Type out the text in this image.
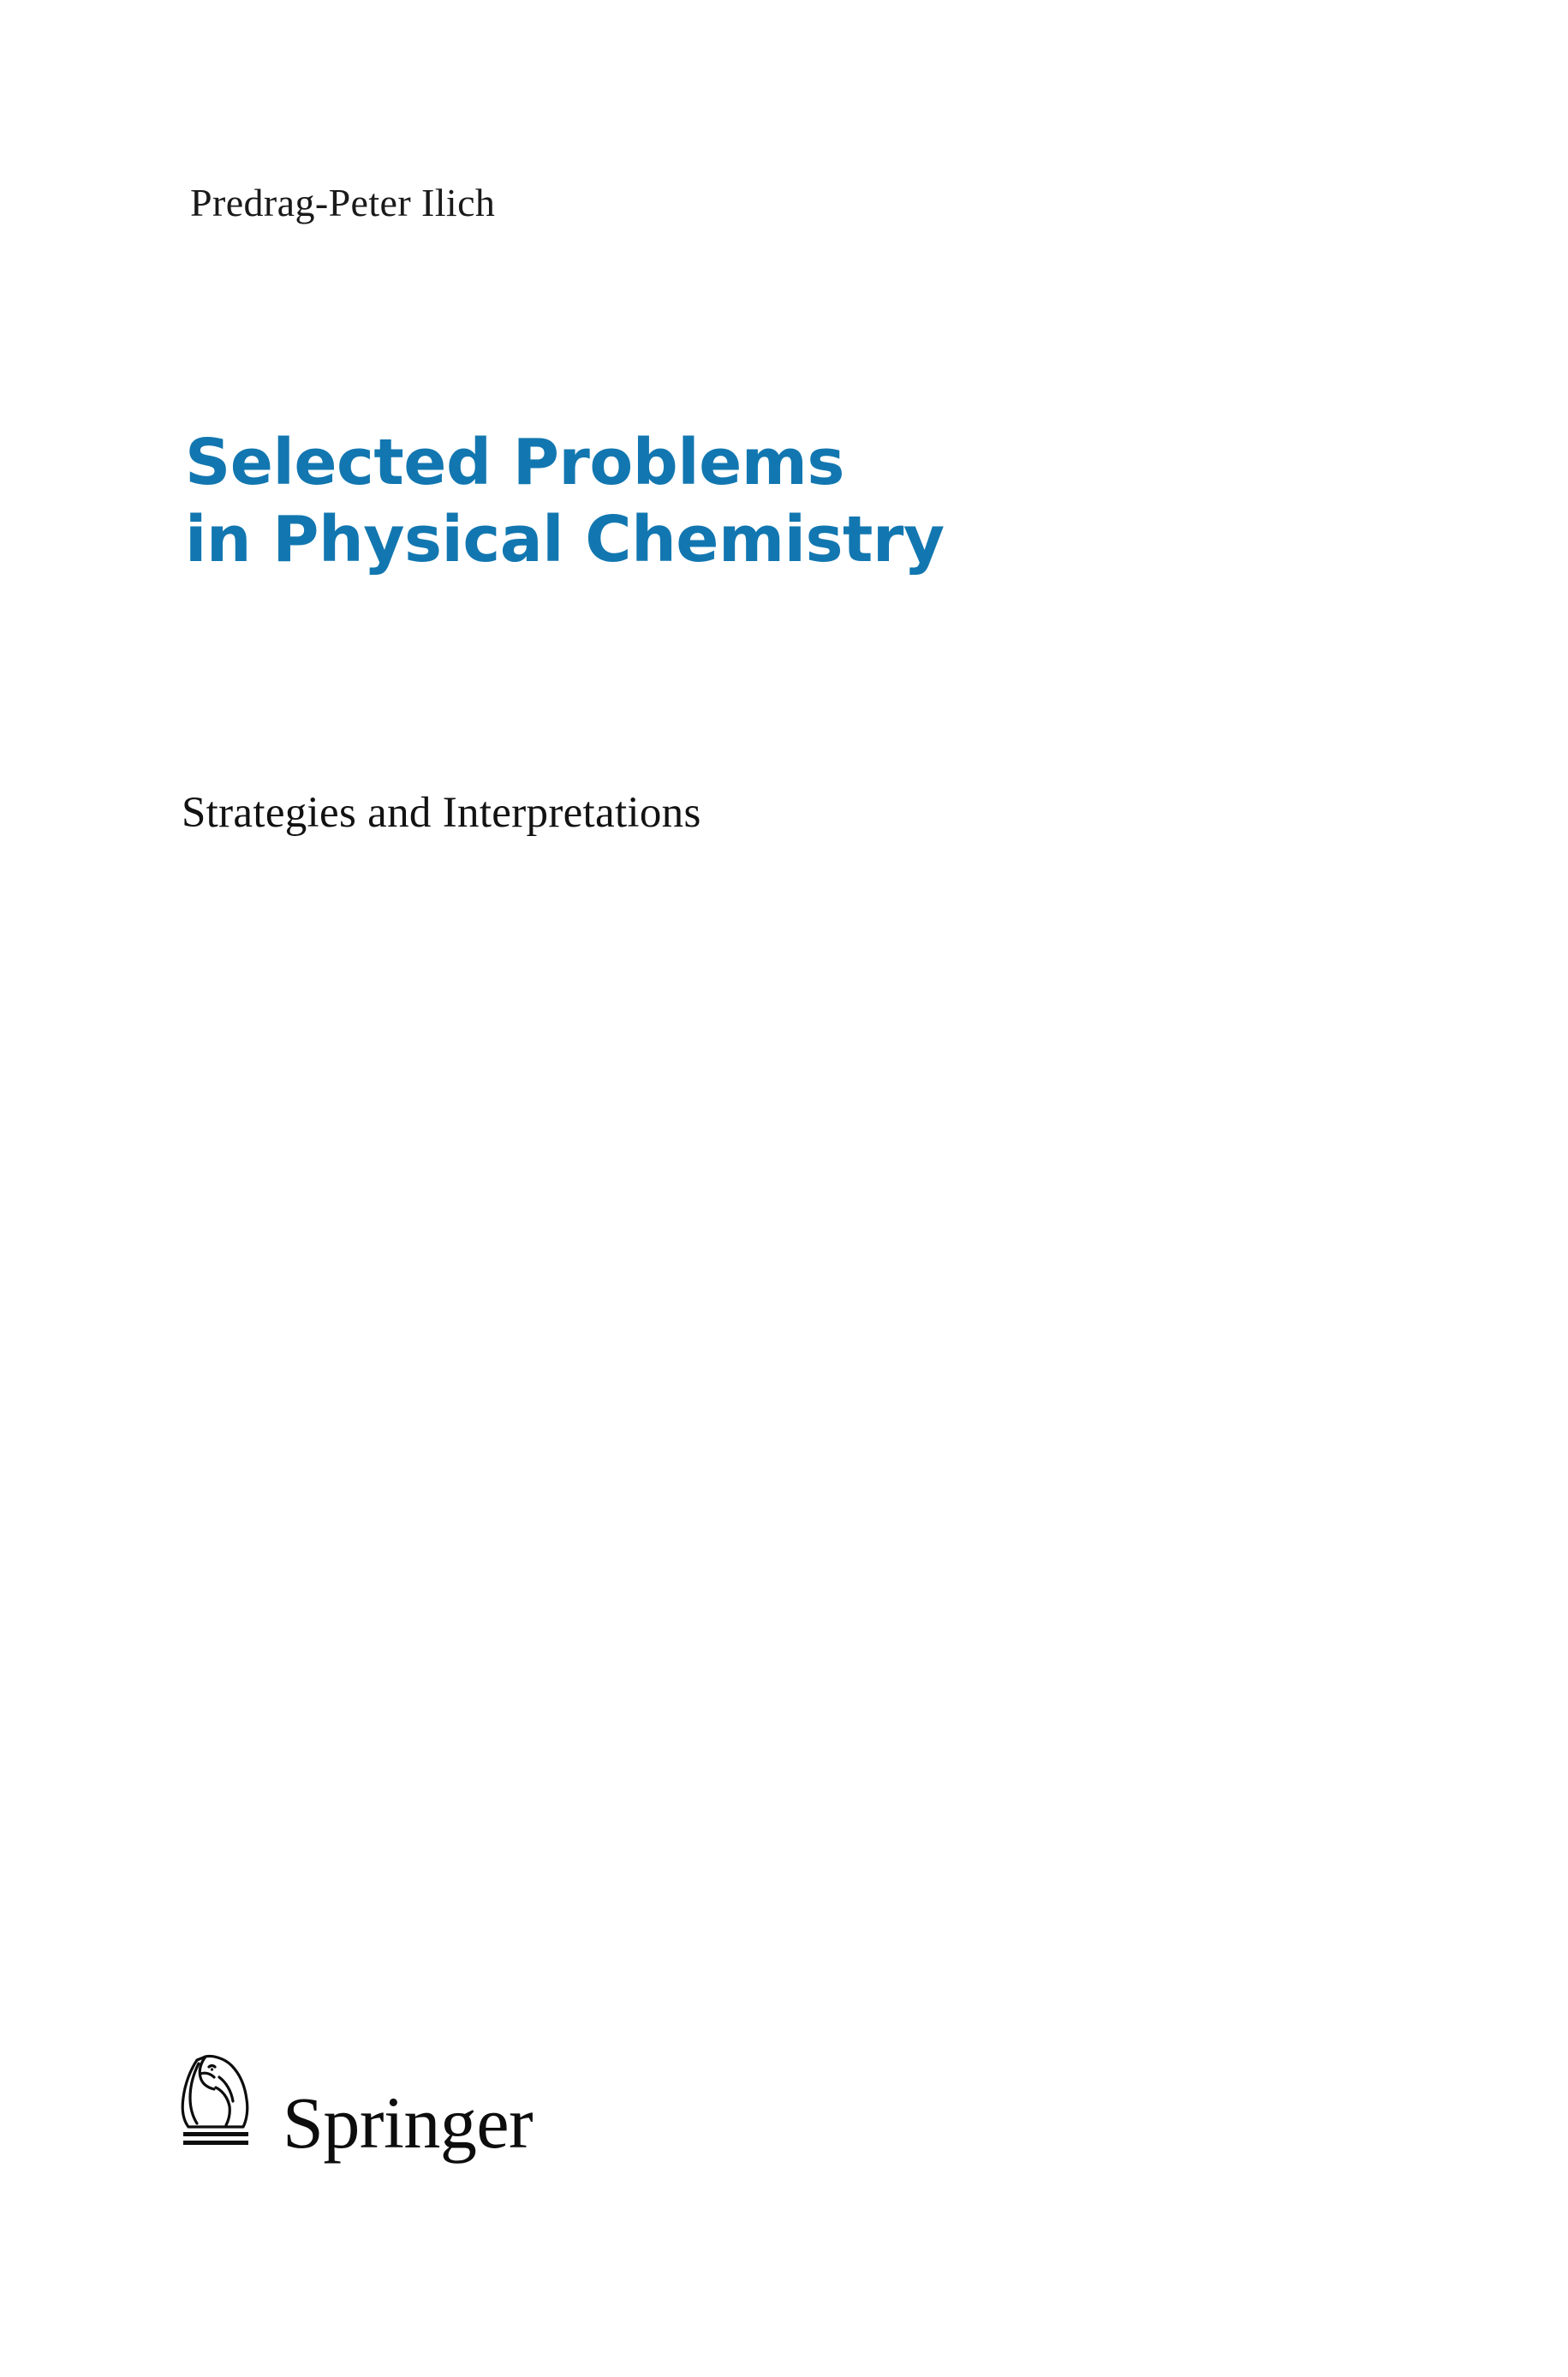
Predrag-Peter Ilich
Selected Problems
in Physical Chemistry
Strategies and Interpretations
Springer
